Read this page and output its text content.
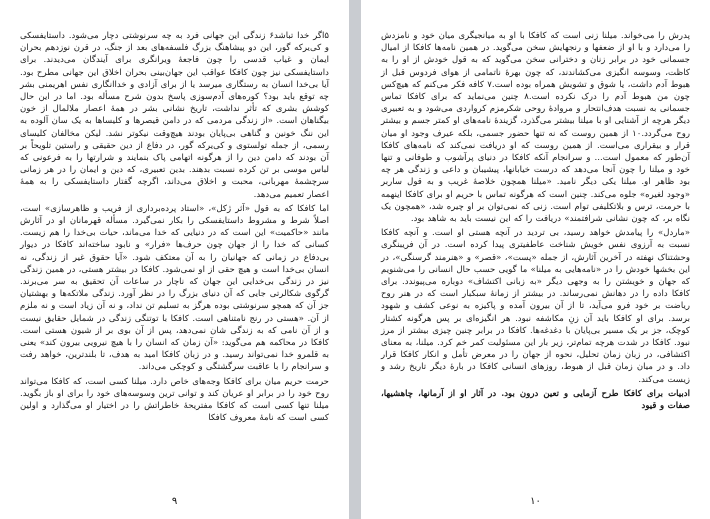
۵اگر خدا تباشد۶ زندگی این جهانی فرد به چه سرنوشتی دچار می‌شود. داستایفسکی و کی‌یرکه گور، این دو پیشاهنگ بزرگ فلسفه‌های بعد از جنگ، در قرن نوزدهم بحران ایمان و غیاب قدسی را چون فاجعهٔ ویرانگری برای آیندگان می‌دیدند. برای داستایفسکی نیز چون کافکا عواقب این جهان‌بینی بحران اخلاق این جهانی مطرح بود. آیا بی‌خدا انسان به رستگاری میرسد یا از برای آزادی و خداانگاری نفس اهریمنی بشر چه توقع باید بود؟ کوره‌های آدم‌سوزی پاسخ بدون شرح مسأله بود. اما در این حال کوشش بشری که تأثر نداشت، تاریخ نشانی بشر در همهٔ اعصار ملالمال از خون بیگناهان است. «از زندگی مردمی که در دامن قیصرها و کلیساها به یک سان آلوده به این ننگ خونین و گناهی بی‌پایان بودند هیچ‌وقت نیکوتر نشد. لیکن مخالفان کلیسای رسمی، از جمله تولستوی و کی‌یرکه گور، در دفاع از دین حقیقی و راستین تلویحاً بر آن بودند که دامن دین را از هرگونه اتهامی پاک بنمایند و شرارتها را به فرعونی که لباس موسی بر تن کرده نسبت بدهند. بدین تعبیری، که دین و ایمان را در هر زمانی سرچشمهٔ مهربانی، محبت و اخلاق می‌داند، اگرچه گفتار داستایفسکی را به همهٔ اعصار تعمیم می‌دهد.

اما کافکا که به قول «آثر ژکل»، «استاد پرده‌برداری از فریب و ظاهرسازی» است، اصلاً شرط و مشروط داستایفسکی را بکار نمی‌گیرد. مسأله قهرمانان او در آثارش مانند «حاکمیت» این است که در دنیایی که خدا می‌ماند، حیات بی‌خدا را هم زیست. کسانی که خدا را از جهان چون حرف‌ها «فرار» و نابود ساخته‌اند کافکا در دیوار بی‌دفاع در زمانی که جهانیان را به آن معتکف شود. «آیا حقوق غیر از زندگی، نه انسان بی‌خدا است و هیچ حقی از او نمی‌شود. کافکا در بیشتر هستی، در همین زندگی نیز در زندگی بی‌خدایی این جهان که ناچار در ساعات آن تحقیق به سر می‌برند. گرگوی شکالرتی جایی که آن دنیای بزرگ را در نظر آورد. زندگی ملاتکه‌ها و بهشتیان جز آن که همچو سرنوشتی بوده هرگز به تسلیم تن نداد، و نه آن زیاد است و نه ملزم از آن. «هستی در رنج نامتناهی است. کافکا با توتنگی زندگی در شمایل حقایق نیست و از آن نامی که به زندگی شان نمی‌دهد، پس از آن بوی بر از شیون هستی است. کافکا در محاکمه هم می‌گوید: «آن زمان که انسان را با هیچ نیرویی بیرون کند» یعنی به قلمرو خدا نمی‌تواند رسید. و در زبان کافکا امید به هدف، تا بلندترین، خواهد رفت و سرانجام را با عاقبت سرگشتگی و کوچکی می‌داند.

حرمت حریم میان برای کافکا وجه‌های خاص دارد. میلنا کسی است، که کافکا می‌تواند روح خود را در برابر او عریان کند و توانی ترین وسوسه‌های خود را برای او باز بگوید. میلنا تنها کسی است که کافکا مفتریحهٔ خاطراتش را در اختیار او می‌گذارد و اولین کسی است که نامهٔ معروف کافکا

۹

پدرش را می‌خواند. میلنا زنی است که کافکا با او به میانجیگری میان خود و نامزدش را می‌دارد و با او از ضعفها و رنجهایش سخن می‌گوید. در همین نامه‌ها کافکا از امیال جسمانی خود در برابر زنان و دخترانی سخن می‌گوید که به قول خودش از او را به کاظت، وسوسه انگیزی می‌کشاندند، که چون بهرهٔ ناتمامی از هوای فردوس قبل از هبوط آدم داشت، یا شوق و تشویش همراه بوده است.۷ کافه فکر می‌کنم که هیچ‌کس چون من هبوط آدم را درک نکرده است.۸ چنین می‌نماید که برای کافکا تماس جسمانی به نسبت هدف‌انتحار و مروادهٔ روحی شکرمزم کرواردی می‌شود و به تعبیری دیگر هرچه از آشنایی او با میلنا بیشتر می‌گذرد، گزیندهٔ نامه‌های او کمتر جسم و بیشتر روح می‌گردد.۱۰ از همین روست که نه تنها حضور جسمی، بلکه عیرف وجود او میان قرار و بیقراری می‌است. از همین روست که او دریافت نمی‌کند که نامه‌های کافکا آن‌طور که معمول است... و سرانجام آنکه کافکا در دنیای پرآشوب و طوفانی و تنها خود و میلنا را چون آنجا می‌دهد که درست خیابانها، پیشیبان و داعی و زندگی هر چه بود ظاهر او. میلنا یکی دیگر نامید. «میلنا همچون خلاصهٔ غریب و به قول ساربر «وجود لغیره» جلوه می‌کند. چنین است که هرگونه تماس با حریم او برای کافکا اینهمه با حرمت، ترس و بلاتکلیفی توام است. زنی که نمی‌توان بر او چیره شد، «همچون یک نگاه بر، که چون نشانی شرافتمند» دریافت را که این نیست باید به شاهد بود.

«ماردل» را پیامدش خواهد رسید، بی تردید در آنچه هستی او است. و آنچه کافکا نسبت به آرزوی نفس خویش شناخت عاطفیتری پیدا کرده است. در آن فریبنگری وحشتناک نهفته در آخرین آثارش، از جمله «پست»، «قصر» و «هنرمند گرسنگی»، در این بخشها خودش را در «نامه‌هایی به میلنا» ما گویی حسب حال انسانی را می‌شنویم که جهان و خویشتن را به وجهی دیگر «به زبانی اکتشاف» دوباره می‌پیوندد. برای کافکا داده را در دهانش نمی‌رساند. در بیشتر از زمانهٔ سبکبار است که در هنر روح ریاضت بر خود فرو می‌آید، تا از آن بیرون آمده و پاکیزه به نوعی کشف و شهود برسد. برای او کافکا باید آن زنِ مکاشفه نبود. هر انگیزه‌ای بر پس هرگونه کشتار کوچک، جز بر یک مسیر بی‌پایان با دغدغه‌ها. کافکا در برابر چنین چیزی بیشتر از مرز نبود. کافکا در شدت هرچه تمام‌تر، زیر بار این مسئولیت کمر خم کرد. میلنا، به معنای اکتشافی، در زبان زمان تحلیل، نحوه از جهان را در معرض تأمل و انکار کافکا قرار داد. و در میان زمان قبل از هبوط، روزهای انسانی کافکا در بارهٔ دیگر تاریخ رشد و زیست می‌کند.

ادبیات برای کافکا طرح آزمایی و تعین درون بود. در آثار او از آرمانها، چاهشیها، صفات و قیود

۱۰
